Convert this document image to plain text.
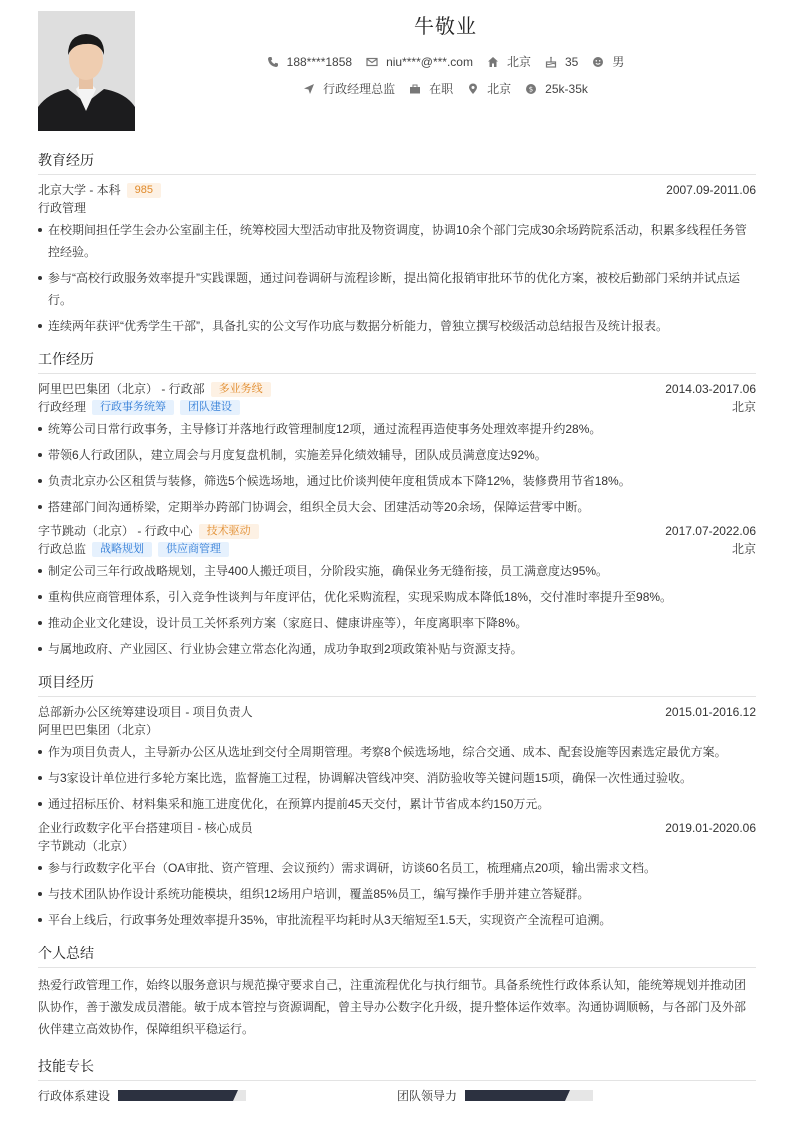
牛敬业
188****1858	niu****@***.com	北京	35	男
行政经理总监	在职	北京	$ 25k-35k
教育经历
北京大学 - 本科	985	2007.09-2011.06
行政管理
在校期间担任学生会办公室副主任，统筹校园大型活动审批及物资调度，协调10余个部门完成30余场跨院系活动，积累多线程任务管控经验。
参与“高校行政服务效率提升”实践课题，通过问卷调研与流程诊断，提出简化报销审批环节的优化方案，被校后勤部门采纳并试点运行。
连续两年获评“优秀学生干部”，具备扎实的公文写作功底与数据分析能力，曾独立撰写校级活动总结报告及统计报表。
工作经历
阿里巴巴集团（北京） - 行政部	多业务线	2014.03-2017.06
行政经理	行政事务统筹	团队建设	北京
统筹公司日常行政事务，主导修订并落地行政管理制度12项，通过流程再造使事务处理效率提升约28%。
带领6人行政团队，建立周会与月度复盘机制，实施差异化绩效辅导，团队成员满意度达92%。
负责北京办公区租赁与装修，筛选5个候选场地，通过比价谈判使年度租赁成本下降12%，装修费用节省18%。
搭建部门间沟通桥梁，定期举办跨部门协调会，组织全员大会、团建活动等20余场，保障运营零中断。
字节跳动（北京） - 行政中心	技术驱动	2017.07-2022.06
行政总监	战略规划	供应商管理	北京
制定公司三年行政战略规划，主导400人搬迁项目，分阶段实施，确保业务无缝衔接，员工满意度达95%。
重构供应商管理体系，引入竞争性谈判与年度评估，优化采购流程，实现采购成本降低18%，交付准时率提升至98%。
推动企业文化建设，设计员工关怀系列方案（家庭日、健康讲座等），年度离职率下降8%。
与属地政府、产业园区、行业协会建立常态化沟通，成功争取到2项政策补贴与资源支持。
项目经历
总部新办公区统筹建设项目 - 项目负责人	2015.01-2016.12
阿里巴巴集团（北京）
作为项目负责人，主导新办公区从选址到交付全周期管理。考察8个候选场地，综合交通、成本、配套设施等因素选定最优方案。
与3家设计单位进行多轮方案比选，监督施工过程，协调解决管线冲突、消防验收等关键问题15项，确保一次性通过验收。
通过招标压价、材料集采和施工进度优化，在预算内提前45天交付，累计节省成本约150万元。
企业行政数字化平台搭建项目 - 核心成员	2019.01-2020.06
字节跳动（北京）
参与行政数字化平台（OA审批、资产管理、会议预约）需求调研，访谈60名员工，梳理痛点20项，输出需求文档。
与技术团队协作设计系统功能模块，组织12场用户培训，覆盖85%员工，编写操作手册并建立答疑群。
平台上线后，行政事务处理效率提升35%，审批流程平均耗时从3天缩短至1.5天，实现资产全流程可追溯。
个人总结
热爱行政管理工作，始终以服务意识与规范操守要求自己，注重流程优化与执行细节。具备系统性行政体系认知，能统筹规划并推动团队协作，善于激发成员潜能。敏于成本管控与资源调配，曾主导办公数字化升级，提升整体运作效率。沟通协调顺畅，与各部门及外部伙伴建立高效协作，保障组织平稳运行。
技能专长
行政体系建设	团队领导力
